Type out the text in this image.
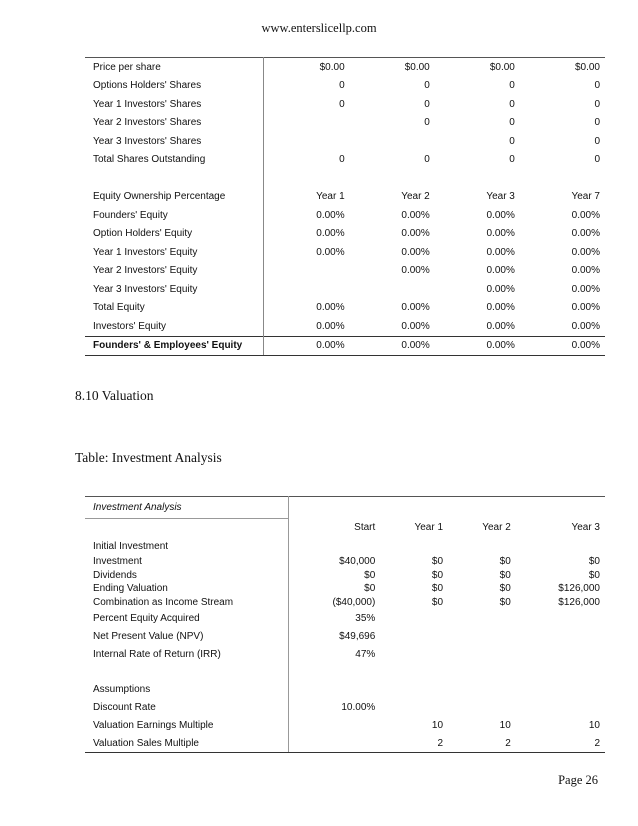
www.enterslicellp.com
Price per share	$0.00	$0.00	$0.00	$0.00
Options Holders' Shares	0	0	0	0
Year 1 Investors' Shares	0	0	0	0
Year 2 Investors' Shares		0	0	0
Year 3 Investors' Shares			0	0
Total Shares Outstanding	0	0	0	0

Equity Ownership Percentage	Year 1	Year 2	Year 3	Year 7
Founders' Equity	0.00%	0.00%	0.00%	0.00%
Option Holders' Equity	0.00%	0.00%	0.00%	0.00%
Year 1 Investors' Equity	0.00%	0.00%	0.00%	0.00%
Year 2 Investors' Equity		0.00%	0.00%	0.00%
Year 3 Investors' Equity			0.00%	0.00%
Total Equity	0.00%	0.00%	0.00%	0.00%
Investors' Equity	0.00%	0.00%	0.00%	0.00%
Founders' & Employees' Equity	0.00%	0.00%	0.00%	0.00%
8.10 Valuation
Table: Investment Analysis
Investment Analysis				
	Start	Year 1	Year 2	Year 3
Initial Investment				
Investment	$40,000	$0	$0	$0
Dividends	$0	$0	$0	$0
Ending Valuation	$0	$0	$0	$126,000
Combination as Income Stream	($40,000)	$0	$0	$126,000
Percent Equity Acquired	35%			
Net Present Value (NPV)	$49,696			
Internal Rate of Return (IRR)	47%			

Assumptions				
Discount Rate	10.00%			
Valuation Earnings Multiple		10	10	10
Valuation Sales Multiple		2	2	2
Page 26
